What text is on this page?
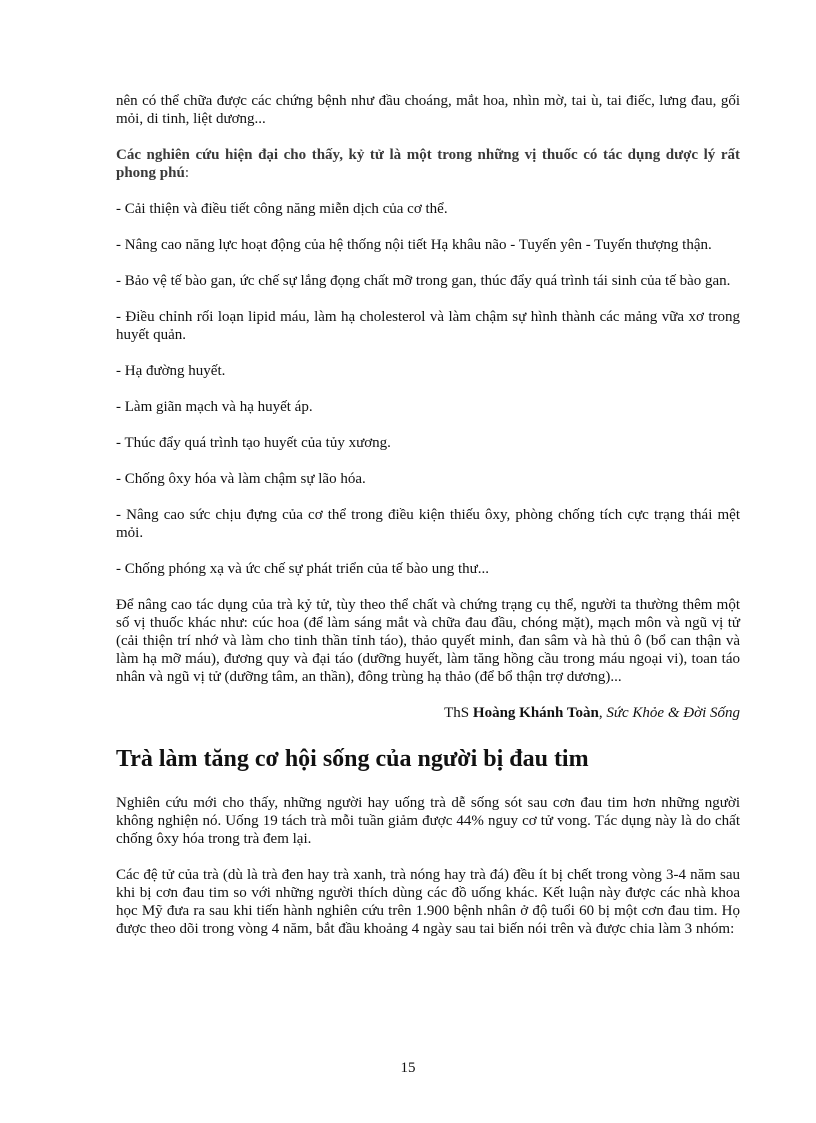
nên có thể chữa được các chứng bệnh như đầu choáng, mắt hoa, nhìn mờ, tai ù, tai điếc, lưng đau, gối mỏi, di tinh, liệt dương...

Các nghiên cứu hiện đại cho thấy, kỷ tử là một trong những vị thuốc có tác dụng dược lý rất phong phú:

- Cải thiện và điều tiết công năng miễn dịch của cơ thể.

- Nâng cao năng lực hoạt động của hệ thống nội tiết Hạ khâu não - Tuyến yên - Tuyến thượng thận.

- Bảo vệ tế bào gan, ức chế sự lắng đọng chất mỡ trong gan, thúc đẩy quá trình tái sinh của tế bào gan.

- Điều chỉnh rối loạn lipid máu, làm hạ cholesterol và làm chậm sự hình thành các mảng vữa xơ trong huyết quản.

- Hạ đường huyết.

- Làm giãn mạch và hạ huyết áp.

- Thúc đẩy quá trình tạo huyết của tủy xương.

- Chống ôxy hóa và làm chậm sự lão hóa.

- Nâng cao sức chịu đựng của cơ thể trong điều kiện thiếu ôxy, phòng chống tích cực trạng thái mệt mỏi.

- Chống phóng xạ và ức chế sự phát triển của tế bào ung thư...

Để nâng cao tác dụng của trà kỷ tử, tùy theo thể chất và chứng trạng cụ thể, người ta thường thêm một số vị thuốc khác như: cúc hoa (để làm sáng mắt và chữa đau đầu, chóng mặt), mạch môn và ngũ vị tử (cải thiện trí nhớ và làm cho tinh thần tỉnh táo), thảo quyết minh, đan sâm và hà thủ ô (bổ can thận và làm hạ mỡ máu), đương quy và đại táo (dưỡng huyết, làm tăng hồng cầu trong máu ngoại vi), toan táo nhân và ngũ vị tử (dưỡng tâm, an thần), đông trùng hạ thảo (để bổ thận trợ dương)...

ThS Hoàng Khánh Toàn, Sức Khỏe & Đời Sống

Trà làm tăng cơ hội sống của người bị đau tim

Nghiên cứu mới cho thấy, những người hay uống trà dễ sống sót sau cơn đau tim hơn những người không nghiện nó. Uống 19 tách trà mỗi tuần giảm được 44% nguy cơ tử vong. Tác dụng này là do chất chống ôxy hóa trong trà đem lại.

Các đệ tử của trà (dù là trà đen hay trà xanh, trà nóng hay trà đá) đều ít bị chết trong vòng 3-4 năm sau khi bị cơn đau tim so với những người thích dùng các đồ uống khác. Kết luận này được các nhà khoa học Mỹ đưa ra sau khi tiến hành nghiên cứu trên 1.900 bệnh nhân ở độ tuổi 60 bị một cơn đau tim. Họ được theo dõi trong vòng 4 năm, bắt đầu khoảng 4 ngày sau tai biến nói trên và được chia làm 3 nhóm:

15
